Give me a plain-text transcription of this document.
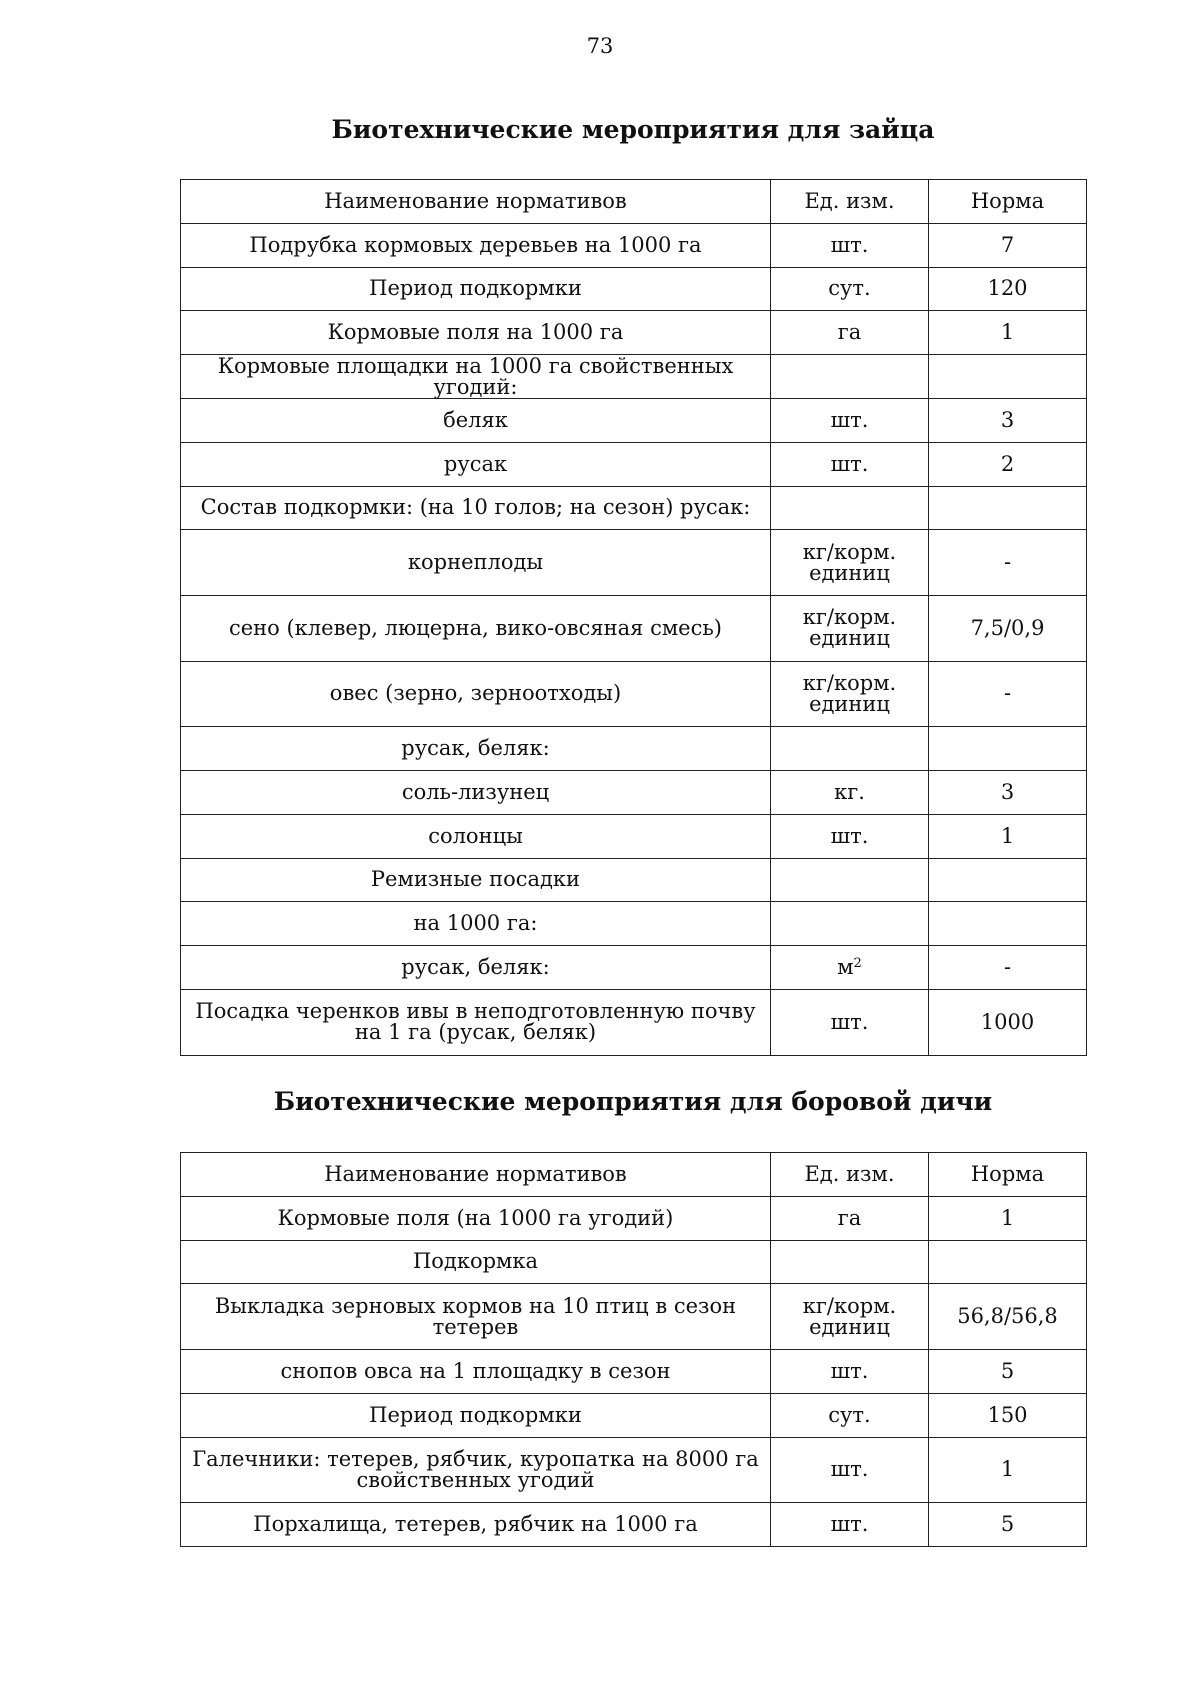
73
Биотехнические мероприятия для зайца
Наименование нормативов	Ед. изм.	Норма
Подрубка кормовых деревьев на 1000 га	шт.	7
Период подкормки	сут.	120
Кормовые поля на 1000 га	га	1
Кормовые площадки на 1000 га свойственных угодий:		
беляк	шт.	3
русак	шт.	2
Состав подкормки: (на 10 голов; на сезон) русак:		
корнеплоды	кг/корм. единиц	-
сено (клевер, люцерна, вико-овсяная смесь)	кг/корм. единиц	7,5/0,9
овес (зерно, зерноотходы)	кг/корм. единиц	-
русак, беляк:		
соль-лизунец	кг.	3
солонцы	шт.	1
Ремизные посадки		
на 1000 га:		
русак, беляк:	$м^2$	-
Посадка черенков ивы в неподготовленную почву на 1 га (русак, беляк)	шт.	1000
Биотехнические мероприятия для боровой дичи
Наименование нормативов	Ед. изм.	Норма
Кормовые поля (на 1000 га угодий)	га	1
Подкормка		
Выкладка зерновых кормов на 10 птиц в сезон тетерев	кг/корм. единиц	56,8/56,8
снопов овса на 1 площадку в сезон	шт.	5
Период подкормки	сут.	150
Галечники: тетерев, рябчик, куропатка на 8000 га свойственных угодий	шт.	1
Порхалища, тетерев, рябчик на 1000 га	шт.	5
